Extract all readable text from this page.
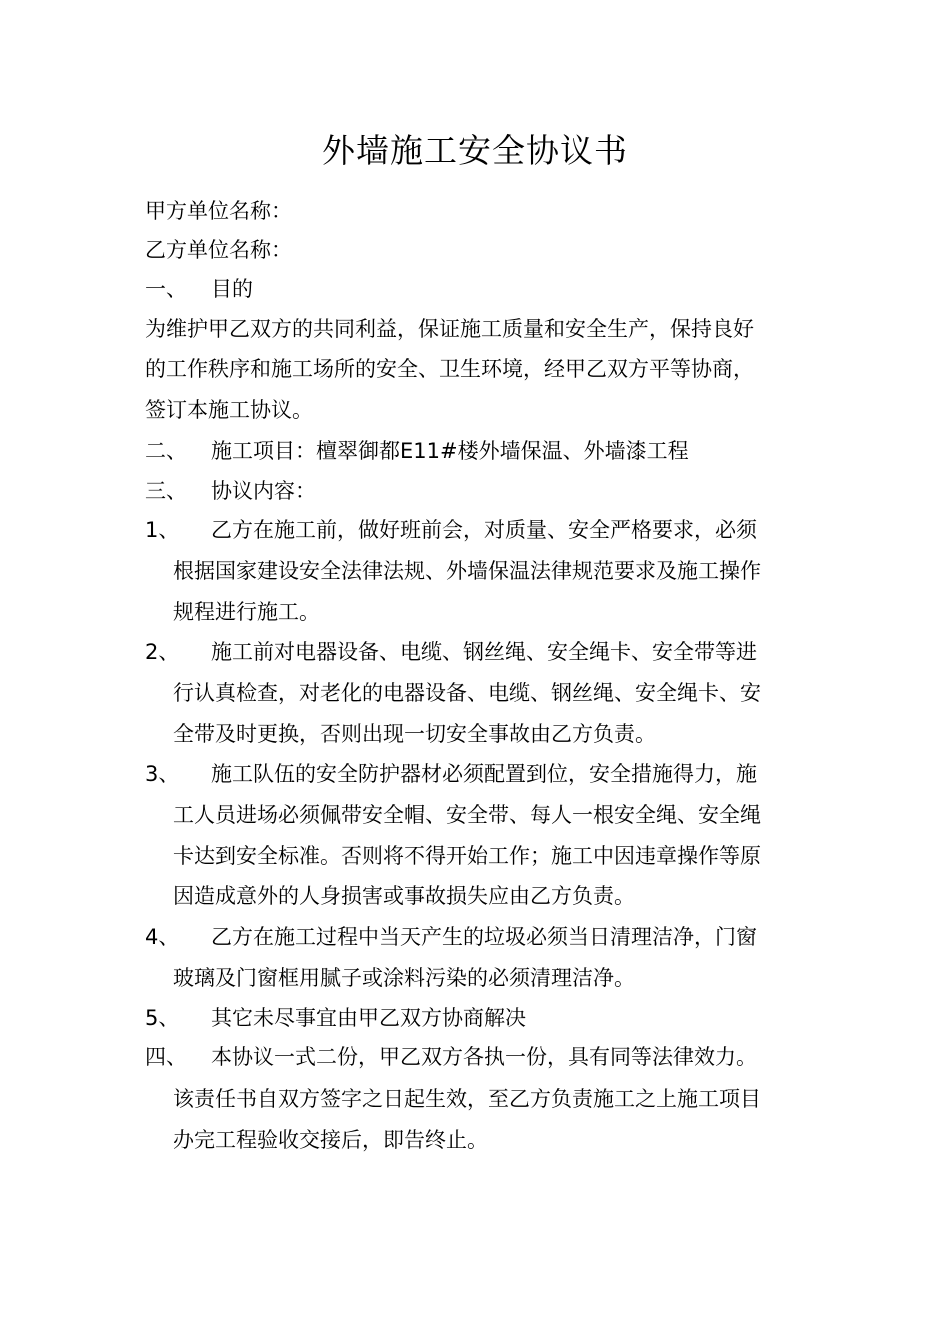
外墙施工安全协议书
甲方单位名称：
乙方单位名称：
一、 目的
为维护甲乙双方的共同利益，保证施工质量和安全生产，保持良好
的工作秩序和施工场所的安全、卫生环境，经甲乙双方平等协商，
签订本施工协议。
二、 施工项目：檀翠御都E11#楼外墙保温、外墙漆工程
三、 协议内容：
1、 乙方在施工前，做好班前会，对质量、安全严格要求，必须
根据国家建设安全法律法规、外墙保温法律规范要求及施工操作
规程进行施工。
2、 施工前对电器设备、电缆、钢丝绳、安全绳卡、安全带等进
行认真检查，对老化的电器设备、电缆、钢丝绳、安全绳卡、安
全带及时更换，否则出现一切安全事故由乙方负责。
3、 施工队伍的安全防护器材必须配置到位，安全措施得力，施
工人员进场必须佩带安全帽、安全带、每人一根安全绳、安全绳
卡达到安全标准。否则将不得开始工作；施工中因违章操作等原
因造成意外的人身损害或事故损失应由乙方负责。
4、 乙方在施工过程中当天产生的垃圾必须当日清理洁净，门窗
玻璃及门窗框用腻子或涂料污染的必须清理洁净。
5、 其它未尽事宜由甲乙双方协商解决
四、 本协议一式二份，甲乙双方各执一份，具有同等法律效力。
该责任书自双方签字之日起生效，至乙方负责施工之上施工项目
办完工程验收交接后，即告终止。
